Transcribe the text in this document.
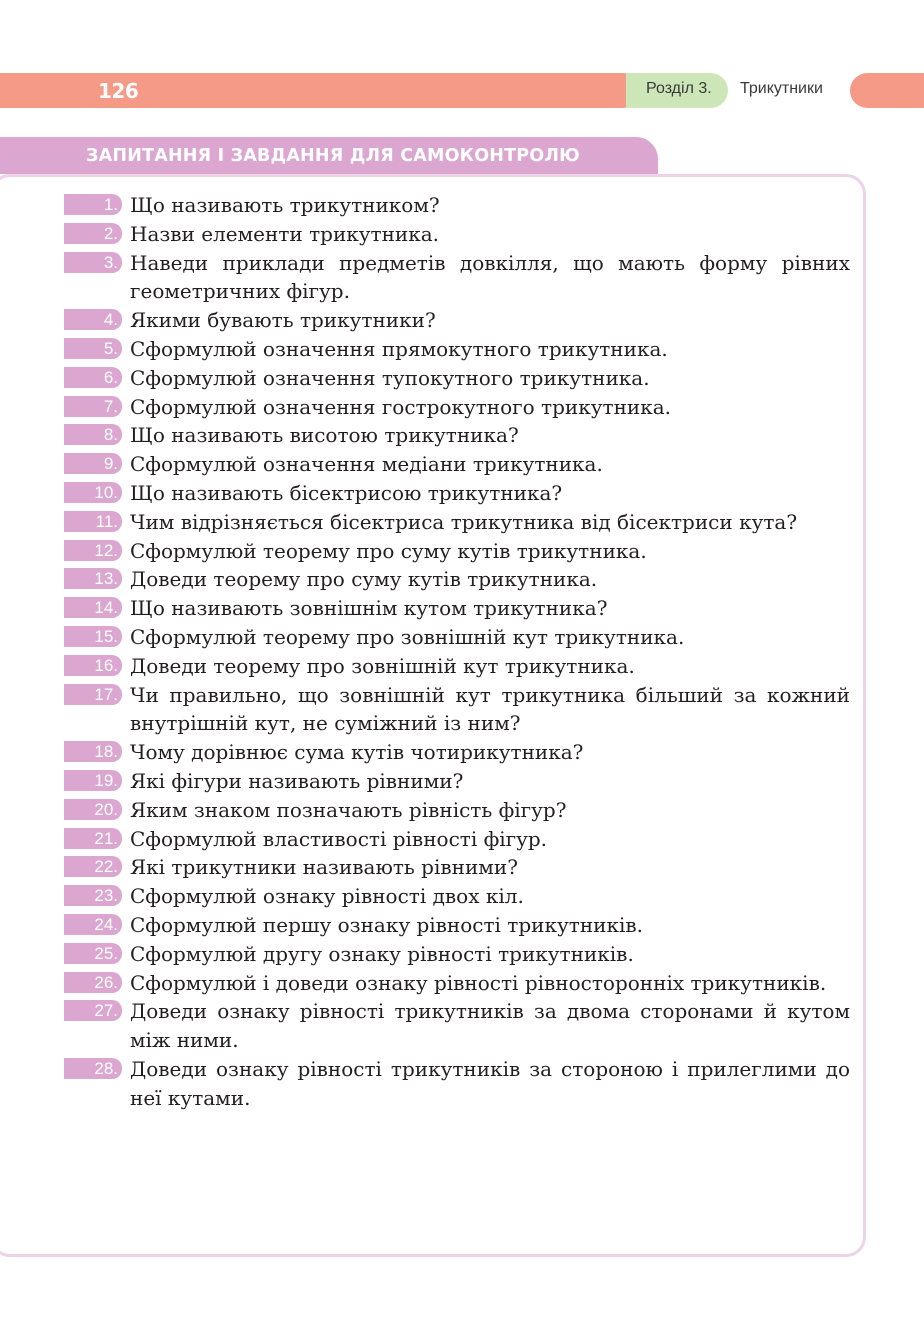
126	Розділ 3. Трикутники
ЗАПИТАННЯ І ЗАВДАННЯ ДЛЯ САМОКОНТРОЛЮ
1. Що називають трикутником?
2. Назви елементи трикутника.
3. Наведи приклади предметів довкілля, що мають форму рівних геометричних фігур.
4. Якими бувають трикутники?
5. Сформулюй означення прямокутного трикутника.
6. Сформулюй означення тупокутного трикутника.
7. Сформулюй означення гострокутного трикутника.
8. Що називають висотою трикутника?
9. Сформулюй означення медіани трикутника.
10. Що називають бісектрисою трикутника?
11. Чим відрізняється бісектриса трикутника від бісектриси кута?
12. Сформулюй теорему про суму кутів трикутника.
13. Доведи теорему про суму кутів трикутника.
14. Що називають зовнішнім кутом трикутника?
15. Сформулюй теорему про зовнішній кут трикутника.
16. Доведи теорему про зовнішній кут трикутника.
17. Чи правильно, що зовнішній кут трикутника більший за кожний внутрішній кут, не суміжний із ним?
18. Чому дорівнює сума кутів чотирикутника?
19. Які фігури називають рівними?
20. Яким знаком позначають рівність фігур?
21. Сформулюй властивості рівності фігур.
22. Які трикутники називають рівними?
23. Сформулюй ознаку рівності двох кіл.
24. Сформулюй першу ознаку рівності трикутників.
25. Сформулюй другу ознаку рівності трикутників.
26. Сформулюй і доведи ознаку рівності рівносторонніх трикутників.
27. Доведи ознаку рівності трикутників за двома сторонами й кутом між ними.
28. Доведи ознаку рівності трикутників за стороною і прилеглими до неї кутами.
